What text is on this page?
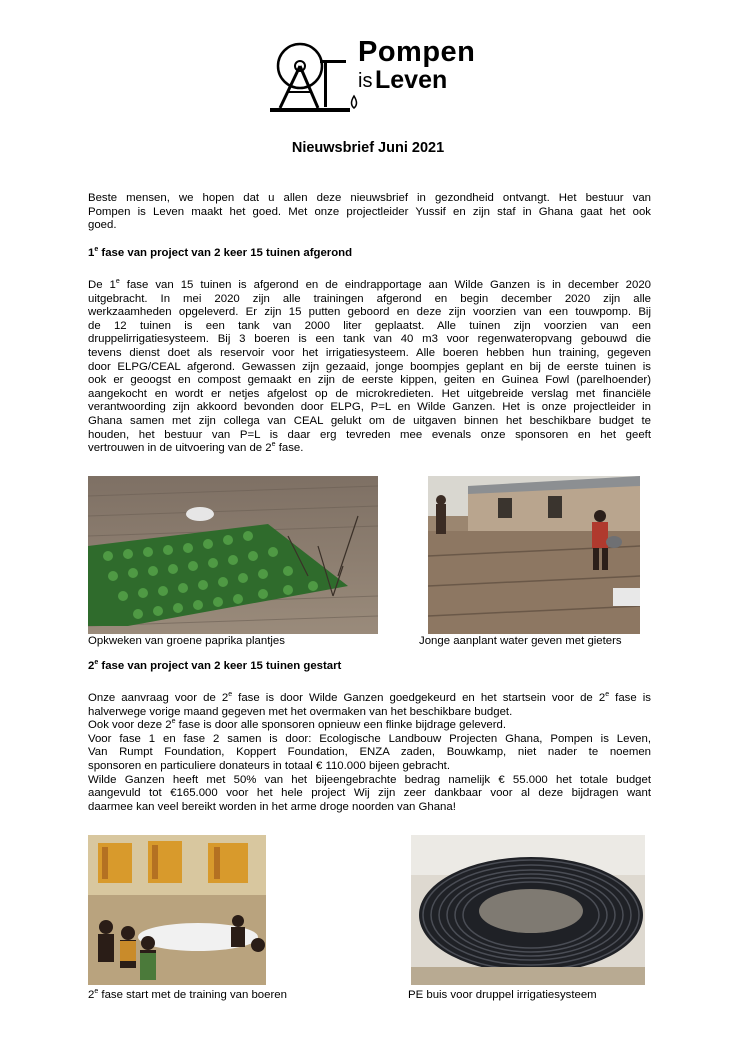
Pompen
is Leven
Nieuwsbrief Juni 2021
Beste mensen, we hopen dat u allen deze nieuwsbrief in gezondheid ontvangt. Het bestuur van
Pompen is Leven maakt het goed. Met onze projectleider Yussif en zijn staf in Ghana gaat het ook
goed.
1e fase van project van 2 keer 15 tuinen afgerond
De 1e fase van 15 tuinen is afgerond en de eindrapportage aan Wilde Ganzen is in december 2020
uitgebracht. In mei 2020 zijn alle trainingen afgerond en begin december 2020 zijn alle
werkzaamheden opgeleverd. Er zijn 15 putten geboord en deze zijn voorzien van een touwpomp. Bij
de 12 tuinen is een tank van 2000 liter geplaatst. Alle tuinen zijn voorzien van een
druppelirrigatiesysteem. Bij 3 boeren is een tank van 40 m3 voor regenwateropvang gebouwd die
tevens dienst doet als reservoir voor het irrigatiesysteem. Alle boeren hebben hun training, gegeven
door ELPG/CEAL afgerond. Gewassen zijn gezaaid, jonge boompjes geplant en bij de eerste tuinen is
ook er geoogst en compost gemaakt en zijn de eerste kippen, geiten en Guinea Fowl (parelhoender)
aangekocht en wordt er netjes afgelost op de microkredieten. Het uitgebreide verslag met financiële
verantwoording zijn akkoord bevonden door ELPG, P=L en Wilde Ganzen. Het is onze projectleider in
Ghana samen met zijn collega van CEAL gelukt om de uitgaven binnen het beschikbare budget te
houden, het bestuur van P=L is daar erg tevreden mee evenals onze sponsoren en het geeft
vertrouwen in de uitvoering van de 2e fase.
Opkweken van groene paprika plantjes	Jonge aanplant water geven met gieters
2e fase van project van 2 keer 15 tuinen gestart
Onze aanvraag voor de 2e fase is door Wilde Ganzen goedgekeurd en het startsein voor de 2e fase is
halverwege vorige maand gegeven met het overmaken van het beschikbare budget.
Ook voor deze 2e fase is door alle sponsoren opnieuw een flinke bijdrage geleverd.
Voor fase 1 en fase 2 samen is door: Ecologische Landbouw Projecten Ghana, Pompen is Leven,
Van Rumpt Foundation, Koppert Foundation, ENZA zaden, Bouwkamp, niet nader te noemen
sponsoren en particuliere donateurs in totaal € 110.000 bijeen gebracht.
Wilde Ganzen heeft met 50% van het bijeengebrachte bedrag namelijk € 55.000 het totale budget
aangevuld tot €165.000 voor het hele project Wij zijn zeer dankbaar voor al deze bijdragen want
daarmee kan veel bereikt worden in het arme droge noorden van Ghana!
2e fase start met de training van boeren	PE buis voor druppel irrigatiesysteem
